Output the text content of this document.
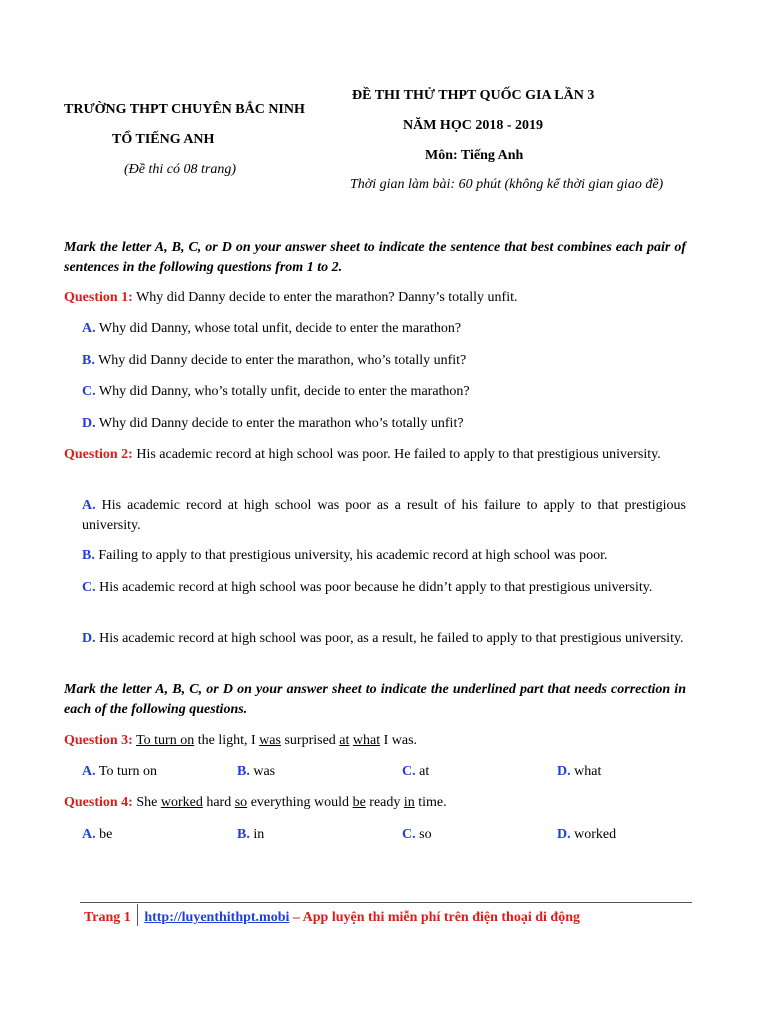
TRƯỜNG THPT CHUYÊN BẮC NINH
TỔ TIẾNG ANH
(Đề thi có 08 trang)
ĐỀ THI THỬ THPT QUỐC GIA LẦN 3
NĂM HỌC 2018 - 2019
Môn: Tiếng Anh
Thời gian làm bài: 60 phút (không kể thời gian giao đề)
Mark the letter A, B, C, or D on your answer sheet to indicate the sentence that best combines each pair of sentences in the following questions from 1 to 2.
Question 1: Why did Danny decide to enter the marathon? Danny’s totally unfit.
A. Why did Danny, whose total unfit, decide to enter the marathon?
B. Why did Danny decide to enter the marathon, who’s totally unfit?
C. Why did Danny, who’s totally unfit, decide to enter the marathon?
D. Why did Danny decide to enter the marathon who’s totally unfit?
Question 2: His academic record at high school was poor. He failed to apply to that prestigious university.
A. His academic record at high school was poor as a result of his failure to apply to that prestigious university.
B. Failing to apply to that prestigious university, his academic record at high school was poor.
C. His academic record at high school was poor because he didn’t apply to that prestigious university.
D. His academic record at high school was poor, as a result, he failed to apply to that prestigious university.
Mark the letter A, B, C, or D on your answer sheet to indicate the underlined part that needs correction in each of the following questions.
Question 3: To turn on the light, I was surprised at what I was.
A. To turn on	B. was	C. at	D. what
Question 4: She worked hard so everything would be ready in time.
A. be	B. in	C. so	D. worked
Trang 1 http://luyenthithpt.mobi – App luyện thi miễn phí trên điện thoại di động
